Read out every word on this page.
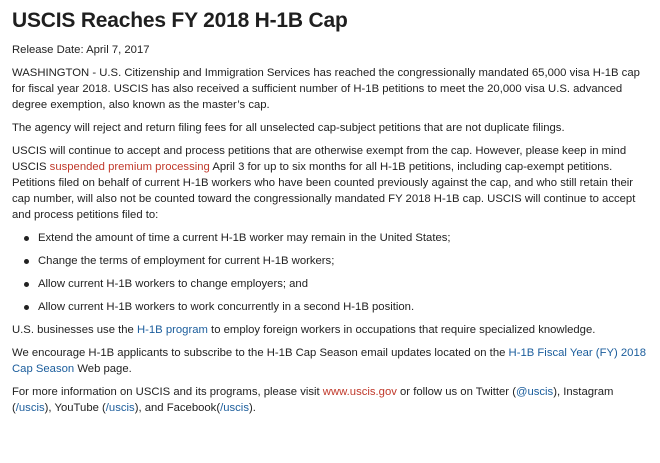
USCIS Reaches FY 2018 H-1B Cap

Release Date: April 7, 2017

WASHINGTON - U.S. Citizenship and Immigration Services has reached the congressionally mandated 65,000 visa H-1B cap for fiscal year 2018. USCIS has also received a sufficient number of H-1B petitions to meet the 20,000 visa U.S. advanced degree exemption, also known as the master’s cap.

The agency will reject and return filing fees for all unselected cap-subject petitions that are not duplicate filings.

USCIS will continue to accept and process petitions that are otherwise exempt from the cap. However, please keep in mind USCIS suspended premium processing April 3 for up to six months for all H-1B petitions, including cap-exempt petitions. Petitions filed on behalf of current H-1B workers who have been counted previously against the cap, and who still retain their cap number, will also not be counted toward the congressionally mandated FY 2018 H-1B cap. USCIS will continue to accept and process petitions filed to:

Extend the amount of time a current H-1B worker may remain in the United States;
Change the terms of employment for current H-1B workers;
Allow current H-1B workers to change employers; and
Allow current H-1B workers to work concurrently in a second H-1B position.

U.S. businesses use the H-1B program to employ foreign workers in occupations that require specialized knowledge.

We encourage H-1B applicants to subscribe to the H-1B Cap Season email updates located on the H-1B Fiscal Year (FY) 2018 Cap Season Web page.

For more information on USCIS and its programs, please visit www.uscis.gov or follow us on Twitter (@uscis), Instagram (/uscis), YouTube (/uscis), and Facebook(/uscis).
